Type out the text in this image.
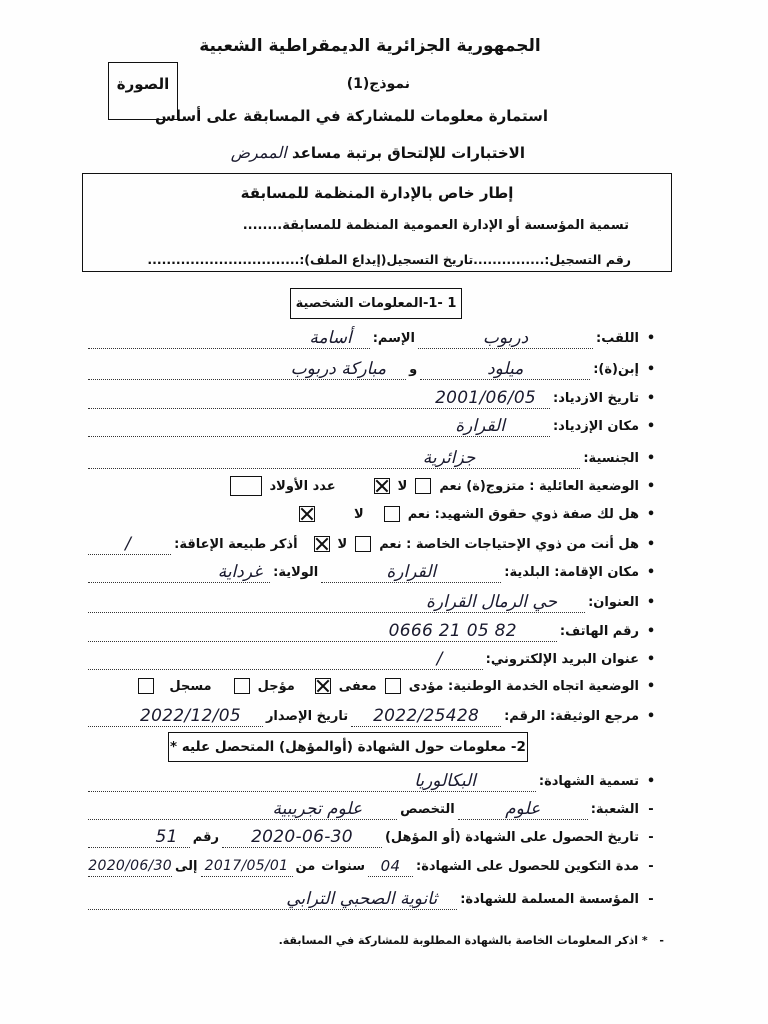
الجمهورية الجزائرية الديمقراطية الشعبية
الصورة	نموذج(1)
استمارة معلومات للمشاركة في المسابقة على أساس
الاختبارات للإلتحاق برتبة مساعد الممرض
إطار خاص بالإدارة المنظمة للمسابقة
تسمية المؤسسة أو الإدارة العمومية المنظمة للمسابقة........
رقم التسجيل:...............تاريخ التسجيل(إيداع الملف):................................
1 -1-المعلومات الشخصية
•
اللقب:
دربوب
الإسم:
أسامة
•
إبن(ة):
ميلود
و
مباركة دربوب
•
تاريخ الازدياد:
2001/06/05
•
مكان الإزدياد:
القرارة
•
الجنسية:
جزائرية
•
الوضعية العائلية : متزوج(ة) نعم
لا
عدد الأولاد
•
هل لك صفة ذوي حقوق الشهيد: نعم
لا
•
هل أنت من ذوي الإحتياجات الخاصة : نعم
لا
أذكر طبيعة الإعاقة:
/
•
مكان الإقامة: البلدية:
القرارة
الولاية:
غرداية
•
العنوان:
حي الرمال القرارة
•
رقم الهاتف:
0666 21 05 82
•
عنوان البريد الإلكتروني:
/
•
الوضعية اتجاه الخدمة الوطنية: مؤدى
معفى
مؤجل
مسجل
•
مرجع الوثيقة: الرقم:
2022/25428
تاريخ الإصدار
2022/12/05
2- معلومات حول الشهادة (أوالمؤهل) المتحصل عليه *
•
تسمية الشهادة:
البكالوريا
-
الشعبة:
علوم
التخصص
علوم تجريبية
-
تاريخ الحصول على الشهادة (أو المؤهل)
2020-06-30
رقم
51
-
مدة التكوين للحصول على الشهادة:
04
سنوات
من
2017/05/01
إلى
2020/06/30
-
المؤسسة المسلمة للشهادة:
ثانوية الصحبي الترابي
- * اذكر المعلومات الخاصة بالشهادة المطلوبة للمشاركة في المسابقة.
